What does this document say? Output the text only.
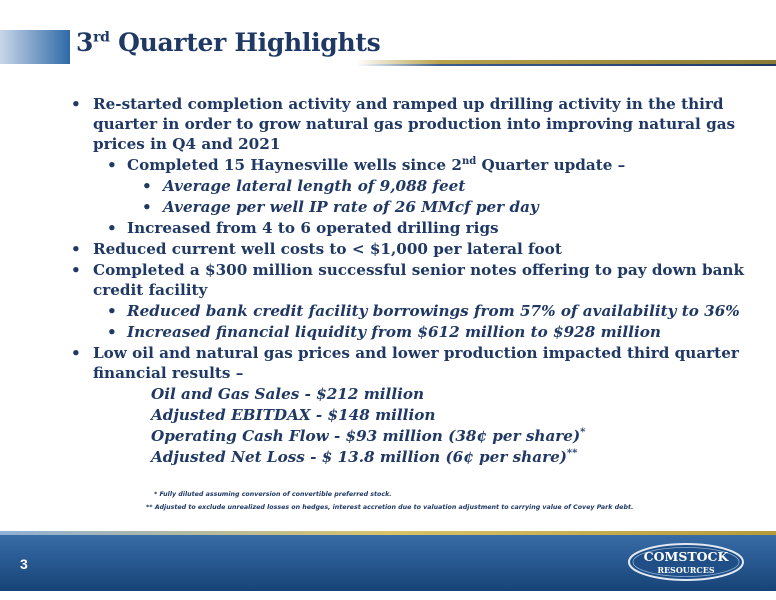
3rd Quarter Highlights

• Re-started completion activity and ramped up drilling activity in the third quarter in order to grow natural gas production into improving natural gas prices in Q4 and 2021

• Completed 15 Haynesville wells since 2nd Quarter update –

• Average lateral length of 9,088 feet

• Average per well IP rate of 26 MMcf per day

• Increased from 4 to 6 operated drilling rigs

• Reduced current well costs to < $1,000 per lateral foot

• Completed a $300 million successful senior notes offering to pay down bank credit facility

• Reduced bank credit facility borrowings from 57% of availability to 36%

• Increased financial liquidity from $612 million to $928 million

• Low oil and natural gas prices and lower production impacted third quarter financial results –

Oil and Gas Sales - $212 million

Adjusted EBITDAX - $148 million

Operating Cash Flow - $93 million (38¢ per share)*

Adjusted Net Loss - $ 13.8 million (6¢ per share)**

* Fully diluted assuming conversion of convertible preferred stock.

** Adjusted to exclude unrealized losses on hedges, interest accretion due to valuation adjustment to carrying value of Covey Park debt.

3	COMSTOCK
RESOURCES
